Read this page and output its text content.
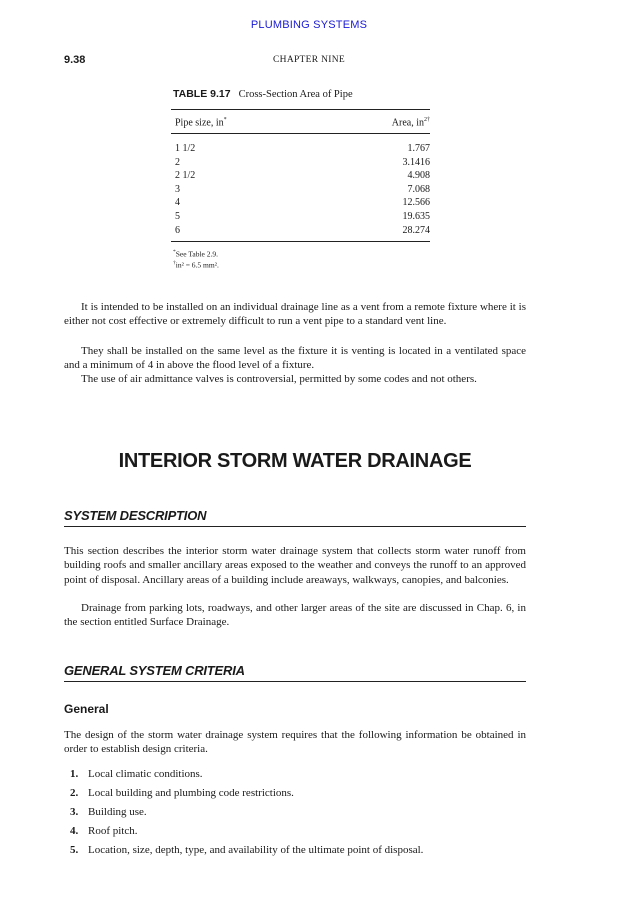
PLUMBING SYSTEMS
9.38	CHAPTER NINE
TABLE 9.17 Cross-Section Area of Pipe
Pipe size, in*	Area, $in^{2\dagger}$
1 1/2	1.767
2	3.1416
2 1/2	4.908
3	7.068
4	12.566
5	19.635
6	28.274
*See Table 2.9.
†in² = 6.5 mm².

It is intended to be installed on an individual drainage line as a vent from a remote fixture where it is either not cost effective or extremely difficult to run a vent pipe to a standard vent line.

They shall be installed on the same level as the fixture it is venting is located in a ventilated space and a minimum of 4 in above the flood level of a fixture.

The use of air admittance valves is controversial, permitted by some codes and not others.

INTERIOR STORM WATER DRAINAGE
SYSTEM DESCRIPTION

This section describes the interior storm water drainage system that collects storm water runoff from building roofs and smaller ancillary areas exposed to the weather and conveys the runoff to an approved point of disposal. Ancillary areas of a building include areaways, walkways, canopies, and balconies.

Drainage from parking lots, roadways, and other larger areas of the site are discussed in Chap. 6, in the section entitled Surface Drainage.

GENERAL SYSTEM CRITERIA
General

The design of the storm water drainage system requires that the following information be obtained in order to establish design criteria.

1. Local climatic conditions.
2. Local building and plumbing code restrictions.
3. Building use.
4. Roof pitch.
5. Location, size, depth, type, and availability of the ultimate point of disposal.
